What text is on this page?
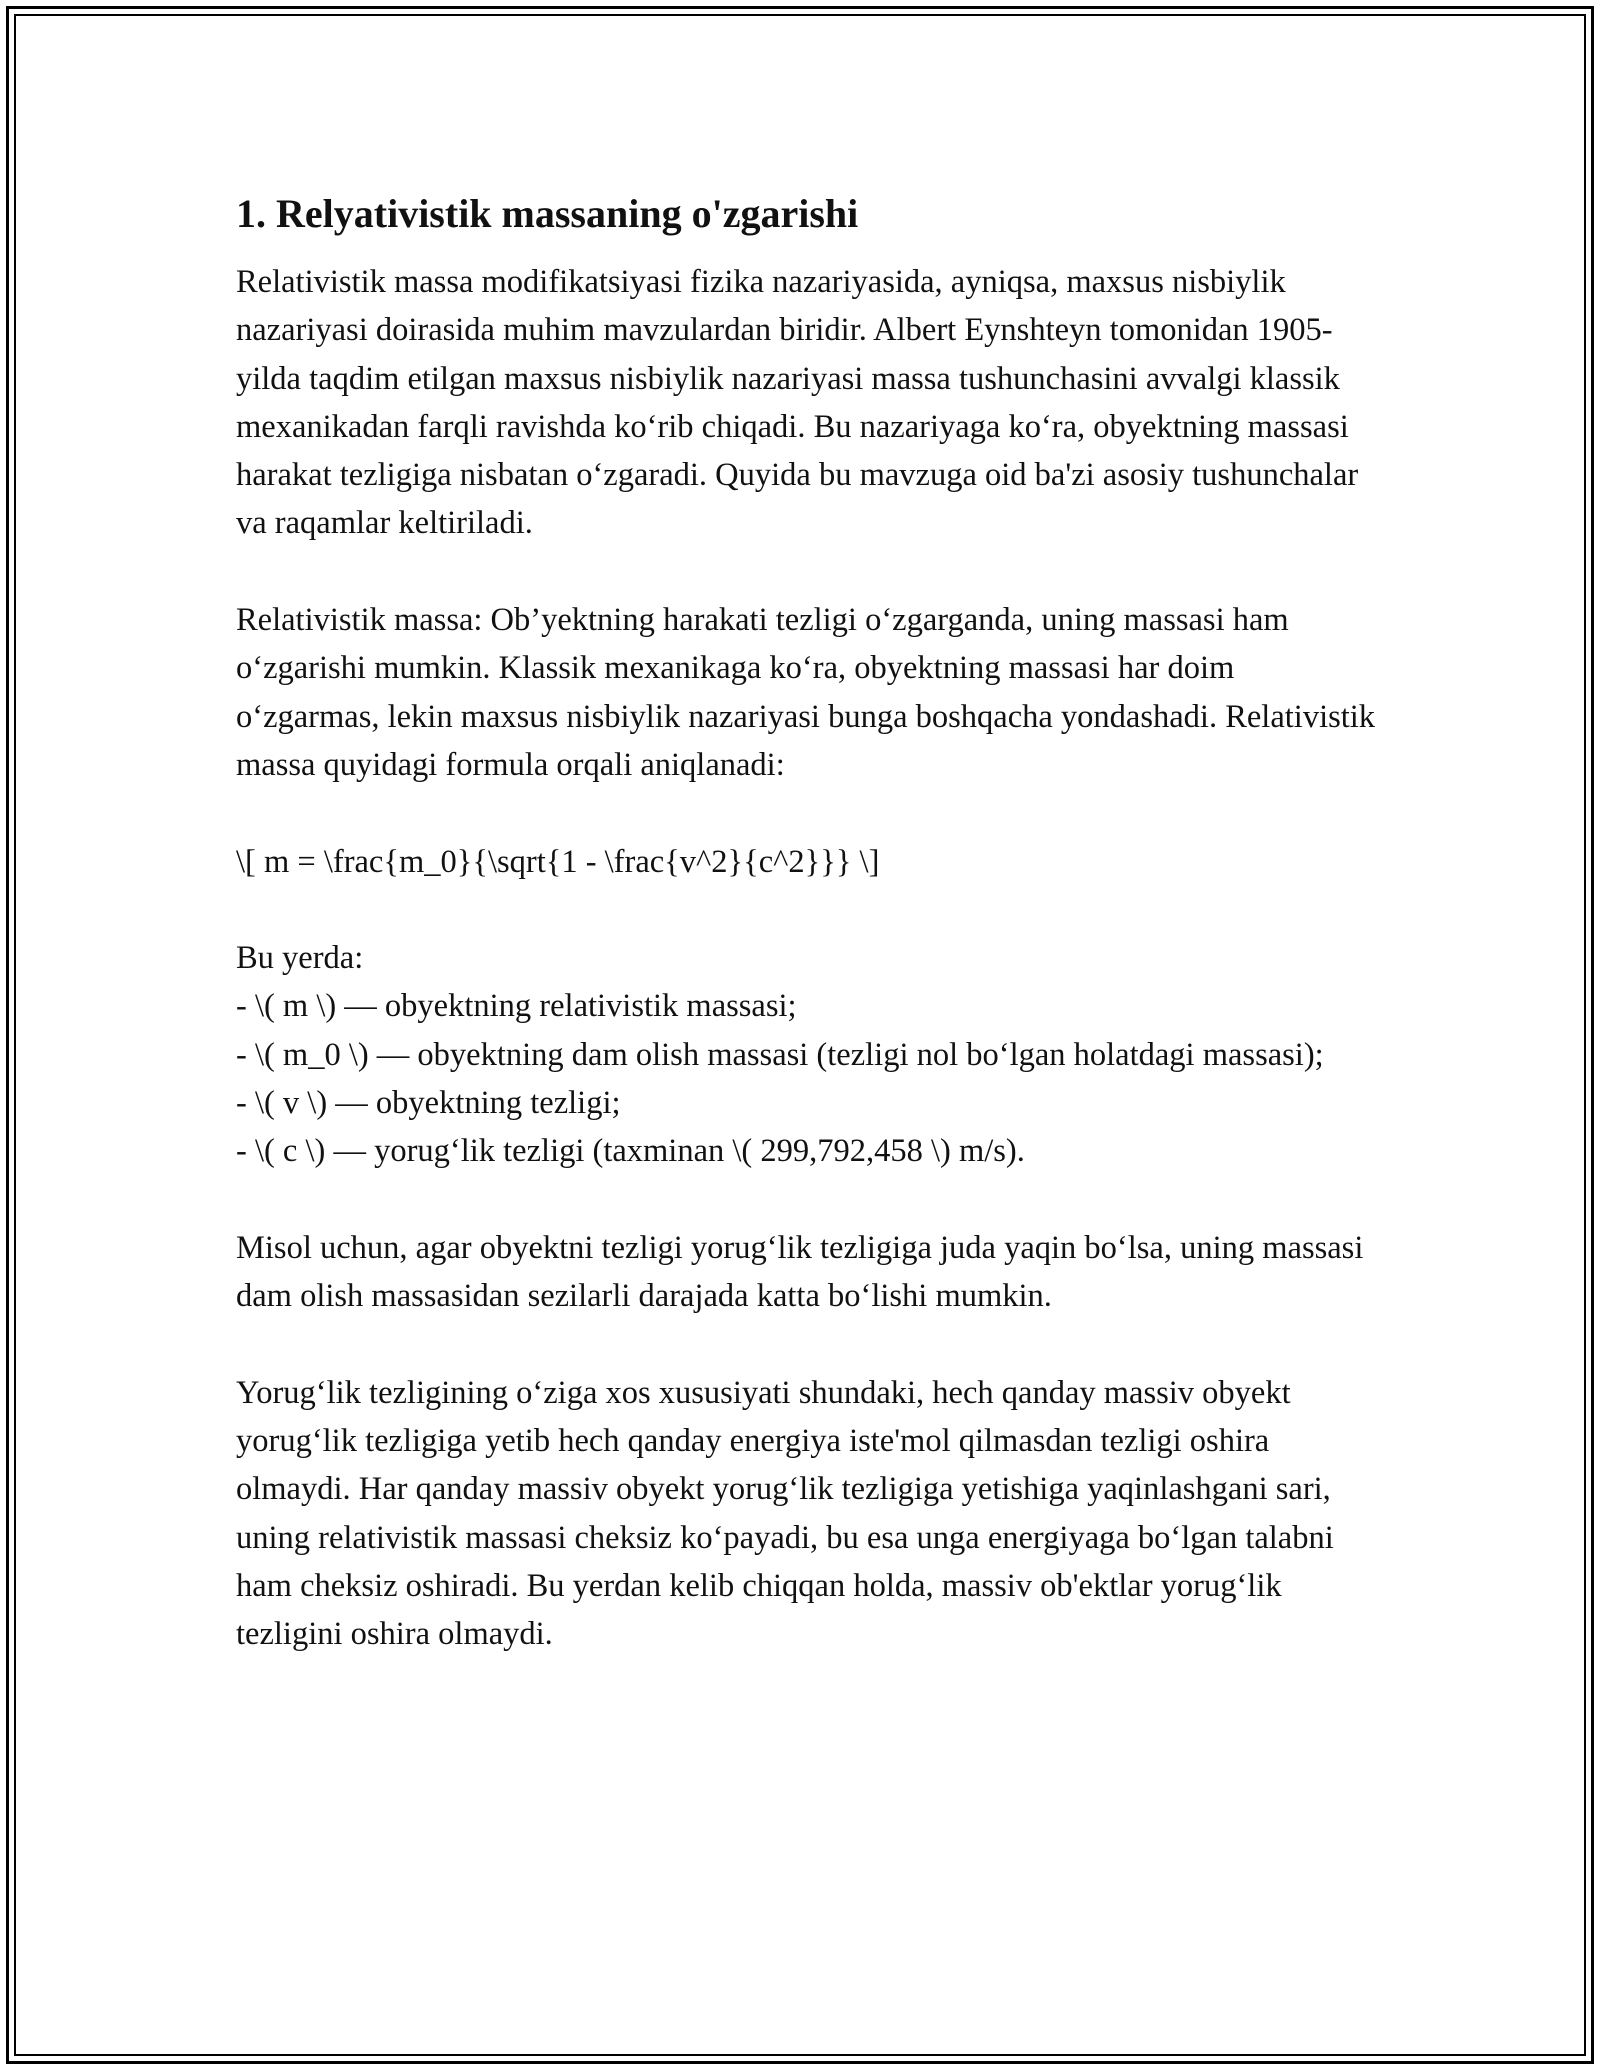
1. Relyativistik massaning o'zgarishi

Relativistik massa modifikatsiyasi fizika nazariyasida, ayniqsa, maxsus nisbiylik nazariyasi doirasida muhim mavzulardan biridir. Albert Eynshteyn tomonidan 1905-yilda taqdim etilgan maxsus nisbiylik nazariyasi massa tushunchasini avvalgi klassik mexanikadan farqli ravishda koʻrib chiqadi. Bu nazariyaga koʻra, obyektning massasi harakat tezligiga nisbatan oʻzgaradi. Quyida bu mavzuga oid ba'zi asosiy tushunchalar va raqamlar keltiriladi.

Relativistik massa: Ob’yektning harakati tezligi oʻzgarganda, uning massasi ham oʻzgarishi mumkin. Klassik mexanikaga koʻra, obyektning massasi har doim oʻzgarmas, lekin maxsus nisbiylik nazariyasi bunga boshqacha yondashadi. Relativistik massa quyidagi formula orqali aniqlanadi:

\[ m = \frac{m_0}{\sqrt{1 - \frac{v^2}{c^2}}} \]

Bu yerda:
- \( m \) — obyektning relativistik massasi;
- \( m_0 \) — obyektning dam olish massasi (tezligi nol boʻlgan holatdagi massasi);
- \( v \) — obyektning tezligi;
- \( c \) — yorugʻlik tezligi (taxminan \( 299,792,458 \) m/s).

Misol uchun, agar obyektni tezligi yorugʻlik tezligiga juda yaqin boʻlsa, uning massasi dam olish massasidan sezilarli darajada katta boʻlishi mumkin.

Yorugʻlik tezligining oʻziga xos xususiyati shundaki, hech qanday massiv obyekt yorugʻlik tezligiga yetib hech qanday energiya iste'mol qilmasdan tezligi oshira olmaydi. Har qanday massiv obyekt yorugʻlik tezligiga yetishiga yaqinlashgani sari, uning relativistik massasi cheksiz koʻpayadi, bu esa unga energiyaga boʻlgan talabni ham cheksiz oshiradi. Bu yerdan kelib chiqqan holda, massiv ob'ektlar yorugʻlik tezligini oshira olmaydi.
